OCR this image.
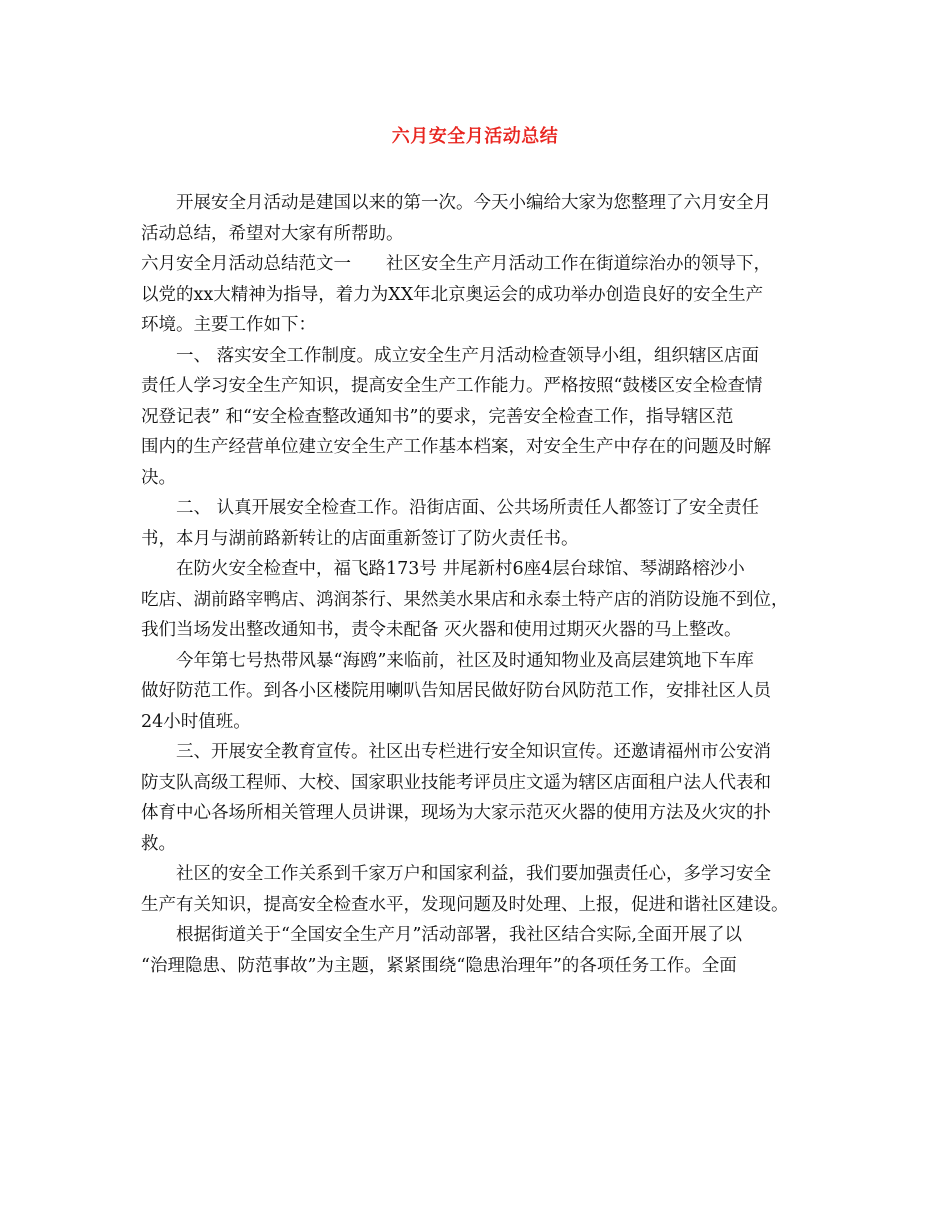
六月安全月活动总结

开展安全月活动是建国以来的第一次。今天小编给大家为您整理了六月安全月
活动总结，希望对大家有所帮助。

六月安全月活动总结范文一　　社区安全生产月活动工作在街道综治办的领导下，
以党的xx大精神为指导，着力为XX年北京奥运会的成功举办创造良好的安全生产
环境。主要工作如下：

一、 落实安全工作制度。成立安全生产月活动检查领导小组，组织辖区店面
责任人学习安全生产知识，提高安全生产工作能力。严格按照“鼓楼区安全检查情
况登记表” 和“安全检查整改通知书”的要求，完善安全检查工作，指导辖区范
围内的生产经营单位建立安全生产工作基本档案，对安全生产中存在的问题及时解
决。

二、 认真开展安全检查工作。沿街店面、公共场所责任人都签订了安全责任
书，本月与湖前路新转让的店面重新签订了防火责任书。

在防火安全检查中，福飞路173号 井尾新村6座4层台球馆、琴湖路榕沙小
吃店、湖前路宰鸭店、鸿润茶行、果然美水果店和永泰土特产店的消防设施不到位，
我们当场发出整改通知书，责令未配备 灭火器和使用过期灭火器的马上整改。

今年第七号热带风暴“海鸥”来临前，社区及时通知物业及高层建筑地下车库
做好防范工作。到各小区楼院用喇叭告知居民做好防台风防范工作，安排社区人员
24小时值班。

三、开展安全教育宣传。社区出专栏进行安全知识宣传。还邀请福州市公安消
防支队高级工程师、大校、国家职业技能考评员庄文遥为辖区店面租户法人代表和
体育中心各场所相关管理人员讲课，现场为大家示范灭火器的使用方法及火灾的扑
救。

社区的安全工作关系到千家万户和国家利益，我们要加强责任心，多学习安全
生产有关知识，提高安全检查水平，发现问题及时处理、上报，促进和谐社区建设。

根据街道关于“全国安全生产月”活动部署，我社区结合实际,全面开展了以
“治理隐患、防范事故”为主题，紧紧围绕“隐患治理年”的各项任务工作。全面
